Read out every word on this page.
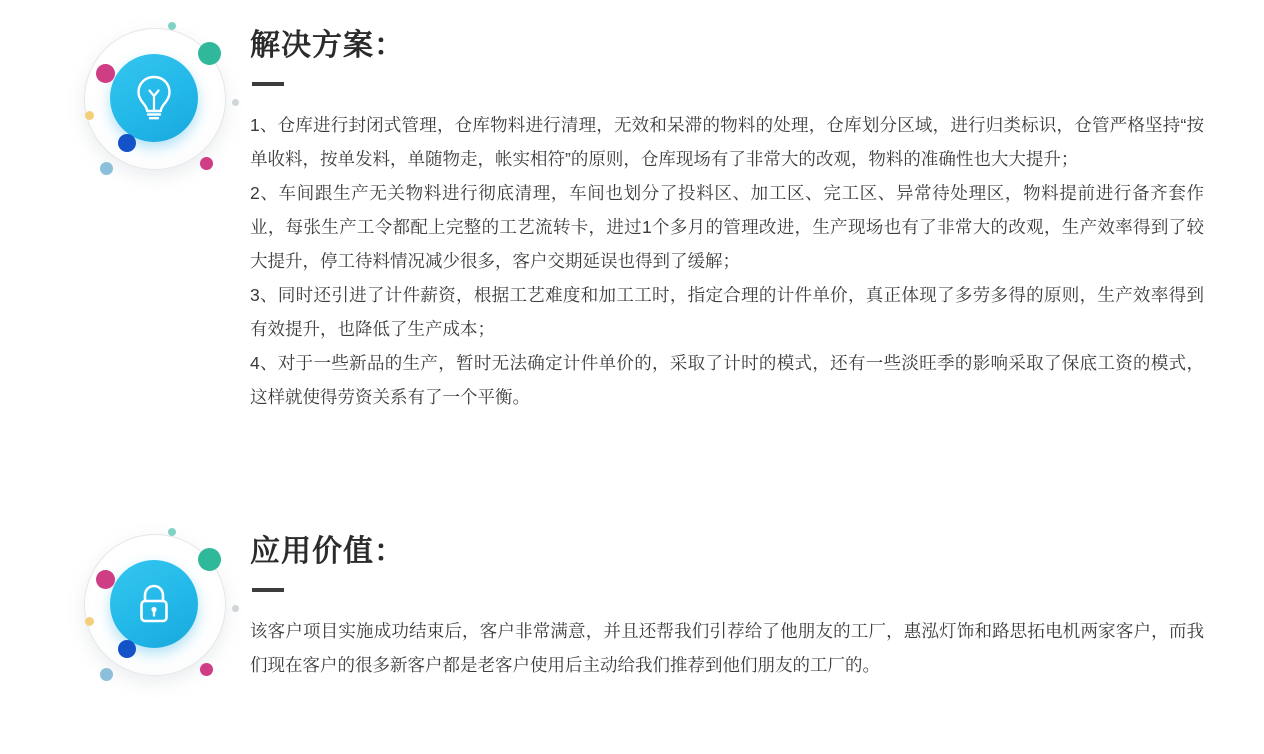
解决方案：

1、仓库进行封闭式管理，仓库物料进行清理，无效和呆滞的物料的处理，仓库划分区域，进行归类标识，仓管严格坚持“按单收料，按单发料，单随物走，帐实相符”的原则，仓库现场有了非常大的改观，物料的准确性也大大提升；

2、车间跟生产无关物料进行彻底清理，车间也划分了投料区、加工区、完工区、异常待处理区，物料提前进行备齐套作业，每张生产工令都配上完整的工艺流转卡，进过1个多月的管理改进，生产现场也有了非常大的改观，生产效率得到了较大提升，停工待料情况减少很多，客户交期延误也得到了缓解；

3、同时还引进了计件薪资，根据工艺难度和加工工时，指定合理的计件单价，真正体现了多劳多得的原则，生产效率得到有效提升，也降低了生产成本；

4、对于一些新品的生产，暂时无法确定计件单价的，采取了计时的模式，还有一些淡旺季的影响采取了保底工资的模式，这样就使得劳资关系有了一个平衡。

应用价值：

该客户项目实施成功结束后，客户非常满意，并且还帮我们引荐给了他朋友的工厂，惠泓灯饰和路思拓电机两家客户，而我们现在客户的很多新客户都是老客户使用后主动给我们推荐到他们朋友的工厂的。
